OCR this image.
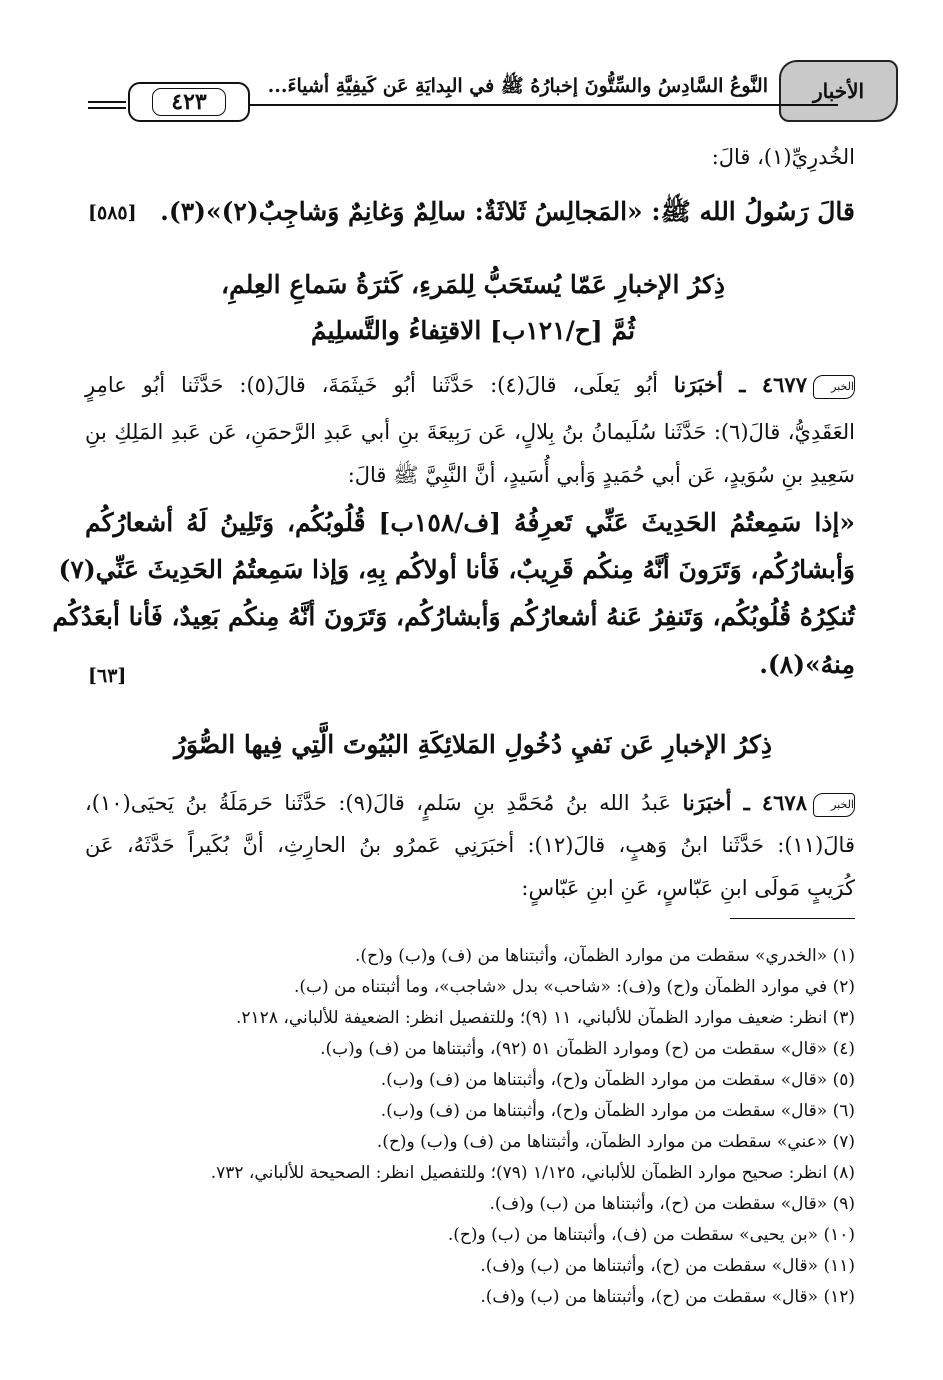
الأخبار
النَّوعُ السَّادِسُ والسِّتُّونَ إخبارُهُ ﷺ في البِدايَةِ عَن كَيفِيَّةِ أشياءَ...
٤٢٣
الخُدرِيِّ(١)، قالَ:
قالَ رَسُولُ الله ﷺ: «المَجالِسُ ثَلاثَةٌ: سالِمٌ وَغانِمٌ وَشاجِبٌ(٢)»(٣).
[٥٨٥]
ذِكرُ الإخبارِ عَمّا يُستَحَبُّ لِلمَرءِ، كَثرَةُ سَماعِ العِلمِ،
ثُمَّ [ح/١٢١ب] الاقتِفاءُ والتَّسلِيمُ
الخبر٤٦٧٧ ـ أخبَرَنا أبُو يَعلَى، قالَ(٤): حَدَّثَنا أبُو خَيثَمَةَ، قالَ(٥): حَدَّثَنا أبُو عامِرٍ
العَقَدِيُّ، قالَ(٦): حَدَّثَنا سُلَيمانُ بنُ بِلالٍ، عَن رَبِيعَةَ بنِ أبي عَبدِ الرَّحمَنِ، عَن عَبدِ المَلِكِ بنِ
سَعِيدِ بنِ سُوَيدٍ، عَن أبي حُمَيدٍ وَأبي أُسَيدٍ، أنَّ النَّبِيَّ ﷺ قالَ:
«إذا سَمِعتُمُ الحَدِيثَ عَنِّي تَعرِفُهُ [ف/١٥٨ب] قُلُوبُكُم، وَتَلِينُ لَهُ أشعارُكُم
وَأبشارُكُم، وَتَرَونَ أنَّهُ مِنكُم قَرِيبٌ، فَأنا أولاكُم بِهِ، وَإذا سَمِعتُمُ الحَدِيثَ عَنِّي(٧)
تُنكِرُهُ قُلُوبُكُم، وَتَنفِرُ عَنهُ أشعارُكُم وَأبشارُكُم، وَتَرَونَ أنَّهُ مِنكُم بَعِيدٌ، فَأنا أبعَدُكُم
مِنهُ»(٨).
[٦٣]
ذِكرُ الإخبارِ عَن نَفيِ دُخُولِ المَلائِكَةِ البُيُوتَ الَّتِي فِيها الصُّوَرُ
الخبر٤٦٧٨ ـ أخبَرَنا عَبدُ الله بنُ مُحَمَّدِ بنِ سَلمٍ، قالَ(٩): حَدَّثَنا حَرمَلَةُ بنُ يَحيَى(١٠)،
قالَ(١١): حَدَّثَنا ابنُ وَهبٍ، قالَ(١٢): أخبَرَنِي عَمرُو بنُ الحارِثِ، أنَّ بُكَيراً حَدَّثَهُ، عَن
كُرَيبٍ مَولَى ابنِ عَبّاسٍ، عَنِ ابنِ عَبّاسٍ:
(١) «الخدري» سقطت من موارد الظمآن، وأثبتناها من (ف) و(ب) و(ح).
(٢) في موارد الظمآن و(ح) و(ف): «شاحب» بدل «شاجب»، وما أثبتناه من (ب).
(٣) انظر: ضعيف موارد الظمآن للألباني، ١١ (٩)؛ وللتفصيل انظر: الضعيفة للألباني، ٢١٢٨.
(٤) «قال» سقطت من (ح) وموارد الظمآن ٥١ (٩٢)، وأثبتناها من (ف) و(ب).
(٥) «قال» سقطت من موارد الظمآن و(ح)، وأثبتناها من (ف) و(ب).
(٦) «قال» سقطت من موارد الظمآن و(ح)، وأثبتناها من (ف) و(ب).
(٧) «عني» سقطت من موارد الظمآن، وأثبتناها من (ف) و(ب) و(ح).
(٨) انظر: صحيح موارد الظمآن للألباني، ١/١٢٥ (٧٩)؛ وللتفصيل انظر: الصحيحة للألباني، ٧٣٢.
(٩) «قال» سقطت من (ح)، وأثبتناها من (ب) و(ف).
(١٠) «بن يحيى» سقطت من (ف)، وأثبتناها من (ب) و(ح).
(١١) «قال» سقطت من (ح)، وأثبتناها من (ب) و(ف).
(١٢) «قال» سقطت من (ح)، وأثبتناها من (ب) و(ف).
